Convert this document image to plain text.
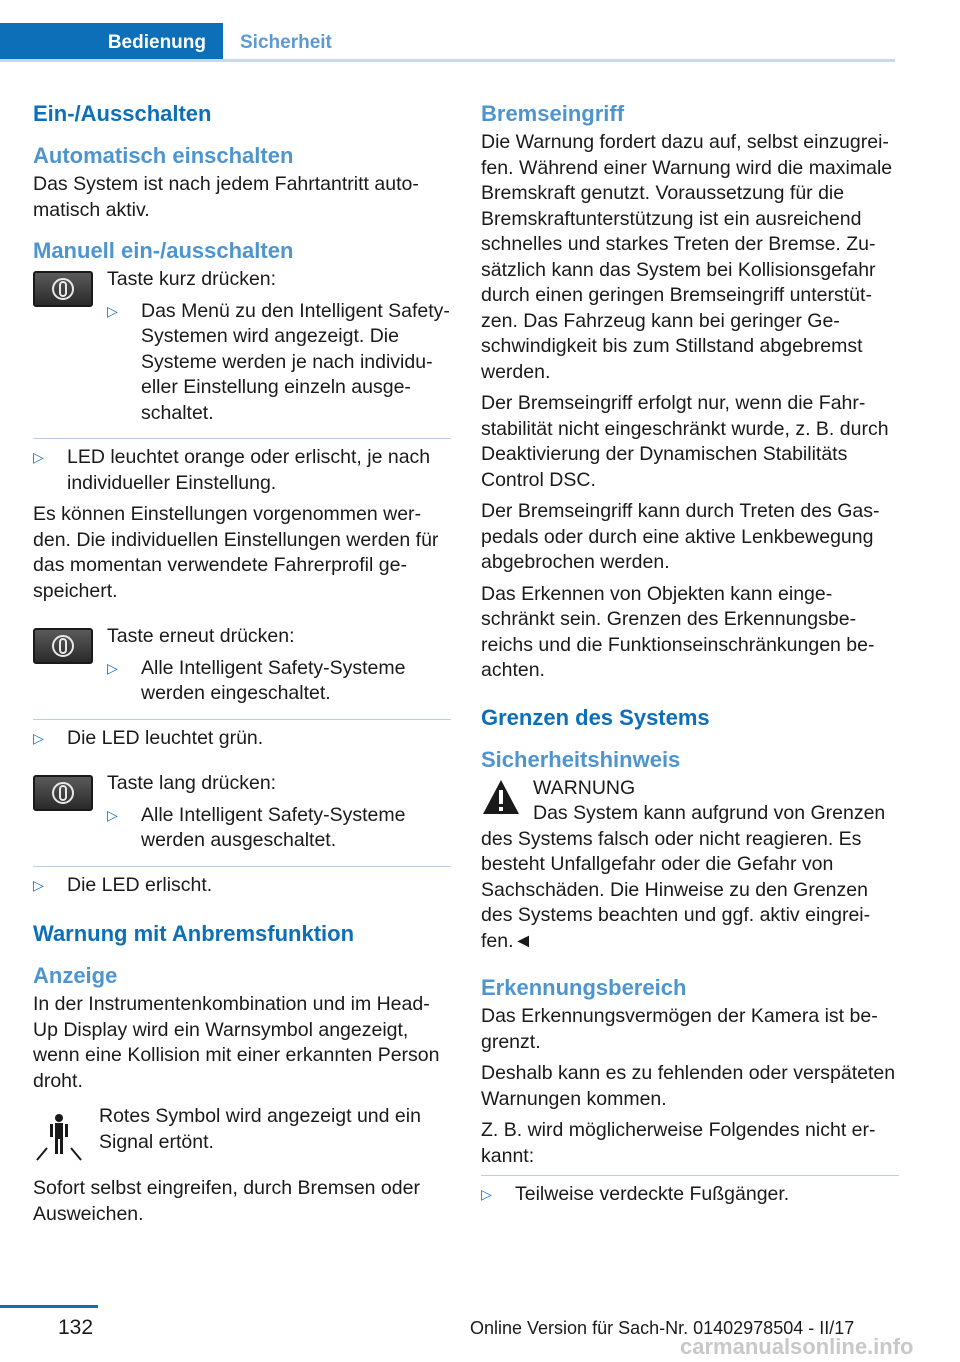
Bedienung	Sicherheit
Ein-/Ausschalten
Automatisch einschalten

Das System ist nach jedem Fahrtantritt automatisch aktiv.

Manuell ein-/ausschalten

Taste kurz drücken:

▷	Das Menü zu den Intelligent Safety-Systemen wird angezeigt. Die Systeme werden je nach individueller Einstellung einzeln ausgeschaltet.
▷	LED leuchtet orange oder erlischt, je nach individueller Einstellung.

Es können Einstellungen vorgenommen werden. Die individuellen Einstellungen werden für das momentan verwendete Fahrerprofil gespeichert.

Taste erneut drücken:

▷	Alle Intelligent Safety-Systeme werden eingeschaltet.
▷	Die LED leuchtet grün.

Taste lang drücken:

▷	Alle Intelligent Safety-Systeme werden ausgeschaltet.
▷	Die LED erlischt.
Warnung mit Anbremsfunktion
Anzeige

In der Instrumentenkombination und im Head-Up Display wird ein Warnsymbol angezeigt, wenn eine Kollision mit einer erkannten Person droht.

Rotes Symbol wird angezeigt und ein Signal ertönt.

Sofort selbst eingreifen, durch Bremsen oder Ausweichen.

Bremseingriff

Die Warnung fordert dazu auf, selbst einzugreifen. Während einer Warnung wird die maximale Bremskraft genutzt. Voraussetzung für die Bremskraftunterstützung ist ein ausreichend schnelles und starkes Treten der Bremse. Zusätzlich kann das System bei Kollisionsgefahr durch einen geringen Bremseingriff unterstützen. Das Fahrzeug kann bei geringer Geschwindigkeit bis zum Stillstand abgebremst werden.

Der Bremseingriff erfolgt nur, wenn die Fahrstabilität nicht eingeschränkt wurde, z. B. durch Deaktivierung der Dynamischen Stabilitäts Control DSC.

Der Bremseingriff kann durch Treten des Gaspedals oder durch eine aktive Lenkbewegung abgebrochen werden.

Das Erkennen von Objekten kann eingeschränkt sein. Grenzen des Erkennungsbereichs und die Funktionseinschränkungen beachten.

Grenzen des Systems
Sicherheitshinweis
WARNUNG
Das System kann aufgrund von Grenzen

des Systems falsch oder nicht reagieren. Es besteht Unfallgefahr oder die Gefahr von Sachschäden. Die Hinweise zu den Grenzen des Systems beachten und ggf. aktiv eingreifen.◄

Erkennungsbereich

Das Erkennungsvermögen der Kamera ist begrenzt.

Deshalb kann es zu fehlenden oder verspäteten Warnungen kommen.

Z. B. wird möglicherweise Folgendes nicht erkannt:

▷	Teilweise verdeckte Fußgänger.
132	Online Version für Sach-Nr. 01402978504 - II/17
carmanualsonline.info
